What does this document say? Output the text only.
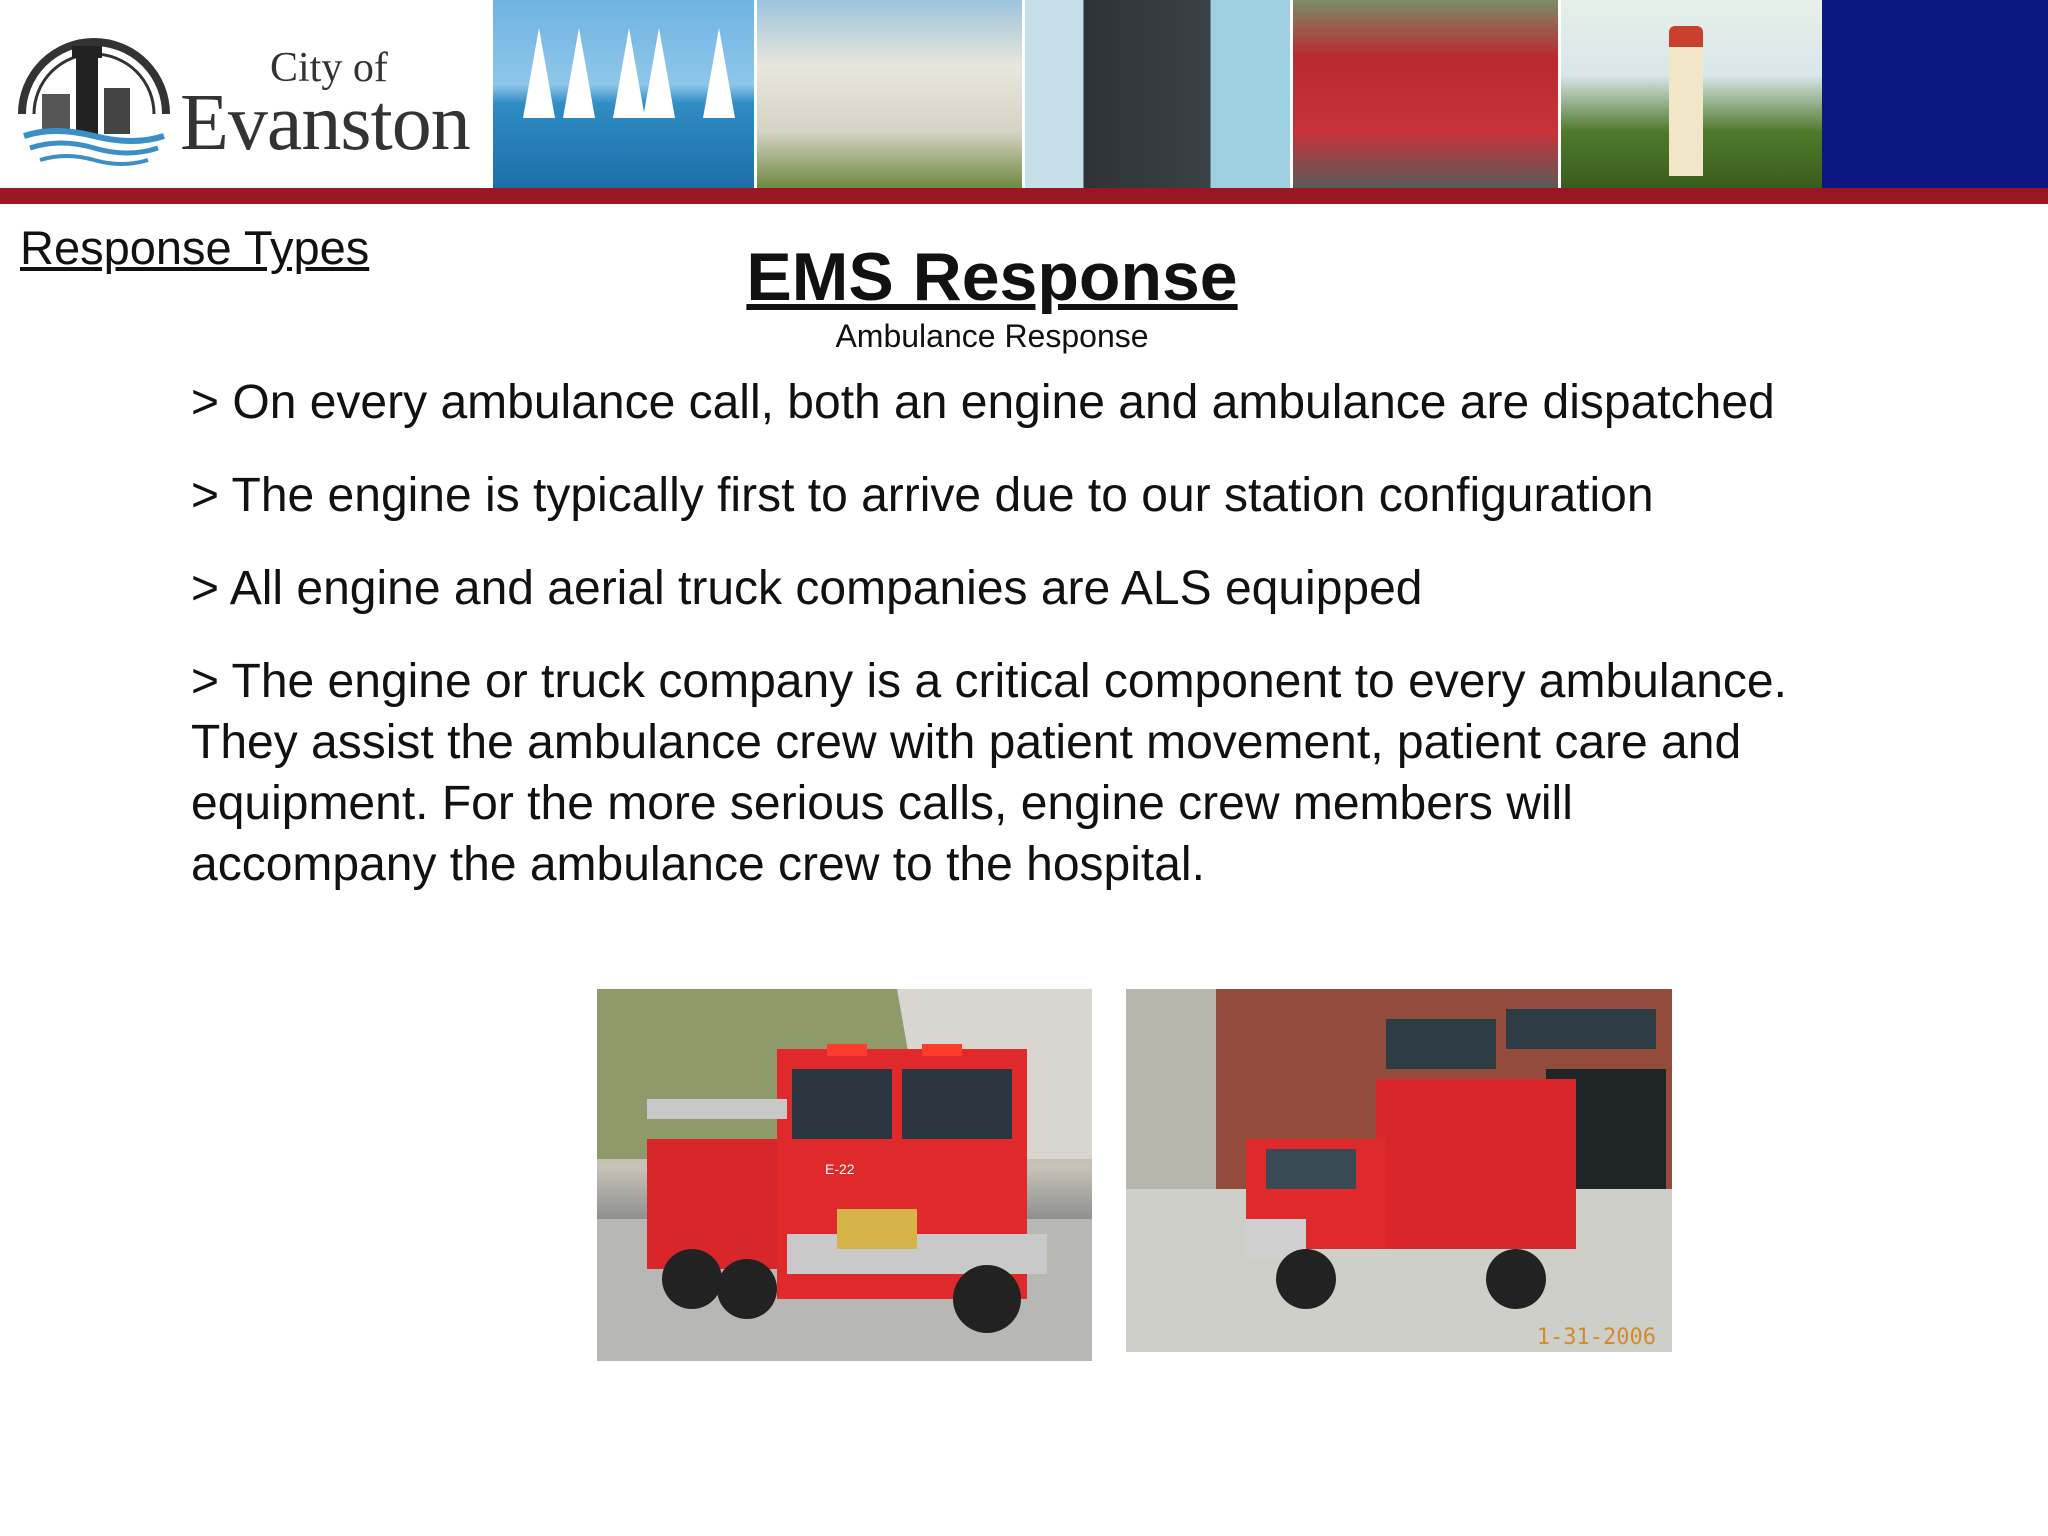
City of
Evanston
Response Types	EMS Response
Ambulance Response

> On every ambulance call, both an engine and ambulance are dispatched

> The engine is typically first to arrive due to our station configuration

> All engine and aerial truck companies are ALS equipped

> The engine or truck company is a critical component to every ambulance. They assist the ambulance crew with patient movement, patient care and equipment. For the more serious calls, engine crew members will accompany the ambulance crew to the hospital.

E-22
1-31-2006
